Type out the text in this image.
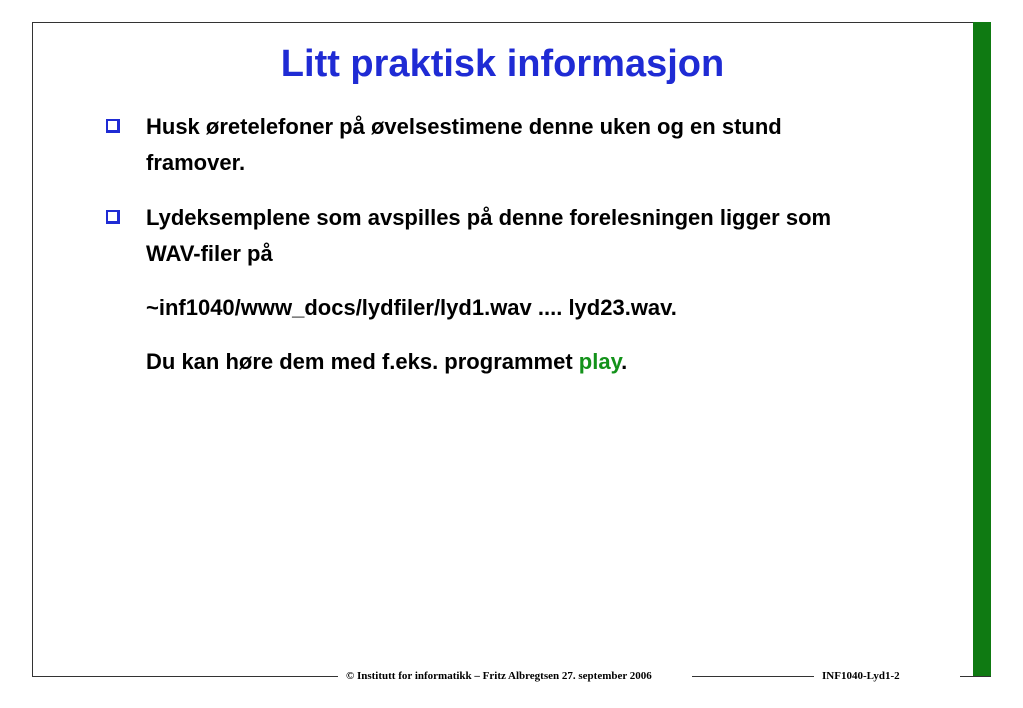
Litt praktisk informasjon

Husk øretelefoner på øvelsestimene denne uken og en stund framover.

Lydeksemplene som avspilles på denne forelesningen ligger som WAV-filer på

~inf1040/www_docs/lydfiler/lyd1.wav .... lyd23.wav.

Du kan høre dem med f.eks. programmet play.

© Institutt for informatikk – Fritz Albregtsen 27. september 2006	INF1040-Lyd1-2
